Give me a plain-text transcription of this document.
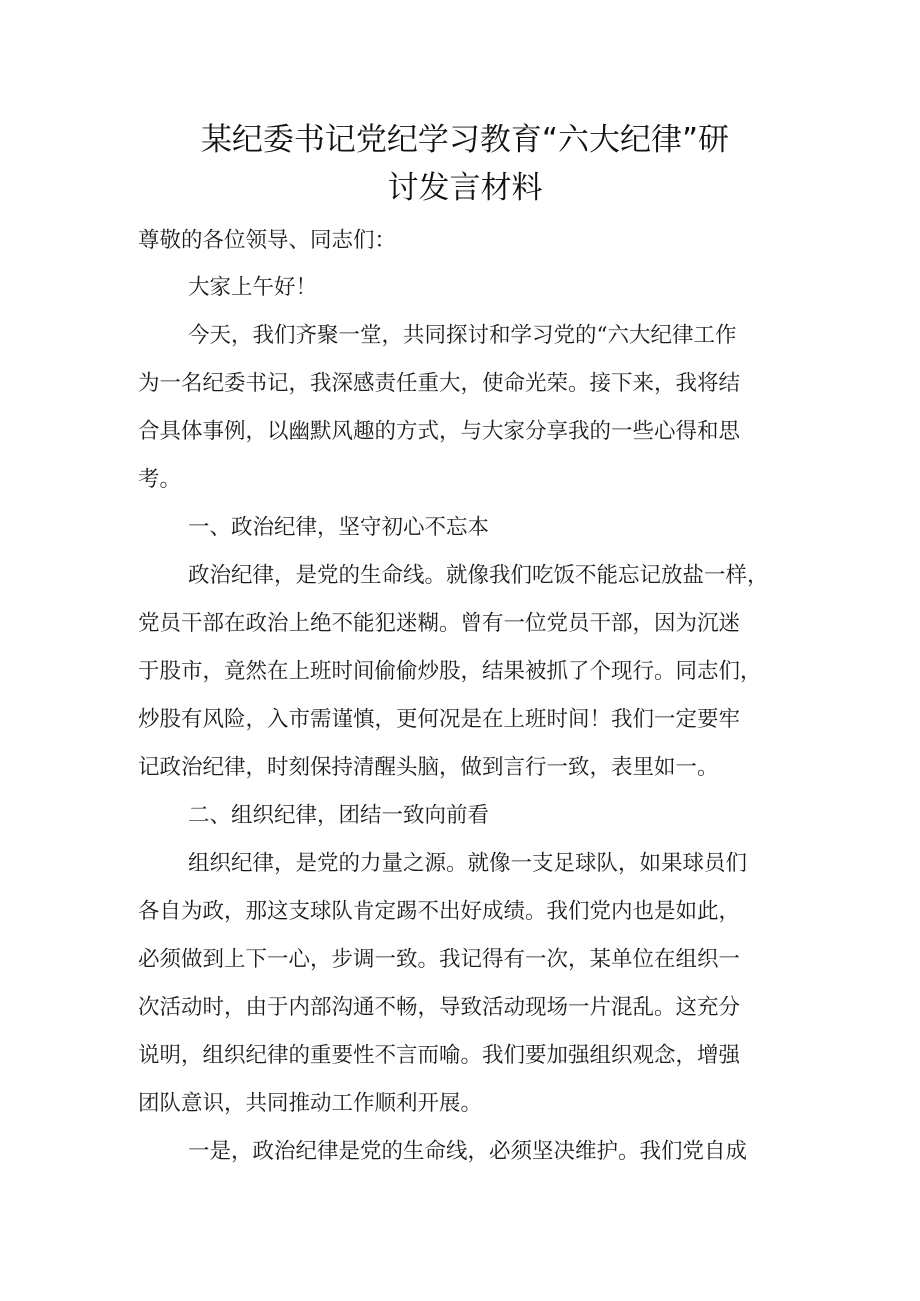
某纪委书记党纪学习教育“六大纪律”研
讨发言材料
尊敬的各位领导、同志们：
大家上午好！
今天，我们齐聚一堂，共同探讨和学习党的“六大纪律工作
为一名纪委书记，我深感责任重大，使命光荣。接下来，我将结
合具体事例，以幽默风趣的方式，与大家分享我的一些心得和思
考。
一、政治纪律，坚守初心不忘本
政治纪律，是党的生命线。就像我们吃饭不能忘记放盐一样，
党员干部在政治上绝不能犯迷糊。曾有一位党员干部，因为沉迷
于股市，竟然在上班时间偷偷炒股，结果被抓了个现行。同志们，
炒股有风险，入市需谨慎，更何况是在上班时间！我们一定要牢
记政治纪律，时刻保持清醒头脑，做到言行一致，表里如一。
二、组织纪律，团结一致向前看
组织纪律，是党的力量之源。就像一支足球队，如果球员们
各自为政，那这支球队肯定踢不出好成绩。我们党内也是如此，
必须做到上下一心，步调一致。我记得有一次，某单位在组织一
次活动时，由于内部沟通不畅，导致活动现场一片混乱。这充分
说明，组织纪律的重要性不言而喻。我们要加强组织观念，增强
团队意识，共同推动工作顺利开展。
一是，政治纪律是党的生命线，必须坚决维护。我们党自成
